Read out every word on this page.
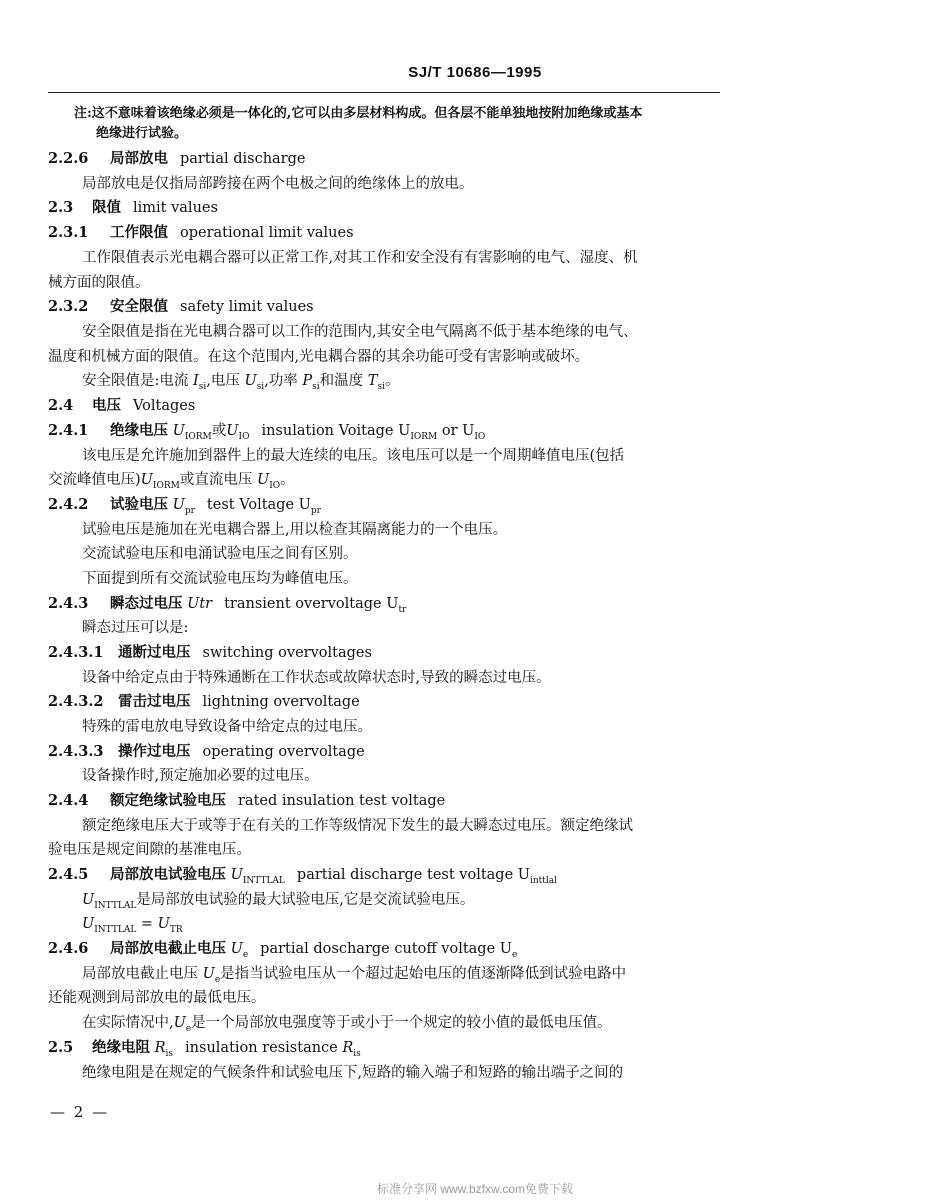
SJ/T 10686—1995
注:这不意味着该绝缘必须是一体化的,它可以由多层材料构成。但各层不能单独地按附加绝缘或基本
绝缘进行试验。
2.2.6 局部放电 partial discharge
局部放电是仅指局部跨接在两个电极之间的绝缘体上的放电。
2.3 限值 limit values
2.3.1 工作限值 operational limit values
工作限值表示光电耦合器可以正常工作,对其工作和安全没有有害影响的电气、湿度、机
械方面的限值。
2.3.2 安全限值 safety limit values
安全限值是指在光电耦合器可以工作的范围内,其安全电气隔离不低于基本绝缘的电气、
温度和机械方面的限值。在这个范围内,光电耦合器的其余功能可受有害影响或破坏。
安全限值是:电流 $I_{si}$,电压 $U_{si}$,功率 $P_{si}$和温度 $T_{si}$。
2.4 电压 Voltages
2.4.1 绝缘电压 $U_{IORM}$或$U_{IO}$ insulation Voitage $U_{IORM}$ or $U_{IO}$
该电压是允许施加到器件上的最大连续的电压。该电压可以是一个周期峰值电压(包括
交流峰值电压)$U_{IORM}$或直流电压 $U_{IO}$。
2.4.2 试验电压 $U_{pr}$ test Voltage $U_{pr}$
试验电压是施加在光电耦合器上,用以检查其隔离能力的一个电压。
交流试验电压和电涌试验电压之间有区别。
下面提到所有交流试验电压均为峰值电压。
2.4.3 瞬态过电压 Utr transient overvoltage $U_{tr}$
瞬态过压可以是:
2.4.3.1 通断过电压 switching overvoltages
设备中给定点由于特殊通断在工作状态或故障状态时,导致的瞬态过电压。
2.4.3.2 雷击过电压 lightning overvoltage
特殊的雷电放电导致设备中给定点的过电压。
2.4.3.3 操作过电压 operating overvoltage
设备操作时,预定施加必要的过电压。
2.4.4 额定绝缘试验电压 rated insulation test voltage
额定绝缘电压大于或等于在有关的工作等级情况下发生的最大瞬态过电压。额定绝缘试
验电压是规定间隙的基准电压。
2.4.5 局部放电试验电压 $U_{INTTLAL}$ partial discharge test voltage $U_{inttlal}$
$U_{INTTLAL}$是局部放电试验的最大试验电压,它是交流试验电压。
$U_{INTTLAL} = U_{TR}$
2.4.6 局部放电截止电压 $U_e$ partial doscharge cutoff voltage $U_e$
局部放电截止电压 $U_e$是指当试验电压从一个超过起始电压的值逐渐降低到试验电路中
还能观测到局部放电的最低电压。
在实际情况中$,U_e$是一个局部放电强度等于或小于一个规定的较小值的最低电压值。
2.5 绝缘电阻 $R_{is}$ insulation resistance $R_{is}$
绝缘电阻是在规定的气候条件和试验电压下,短路的输入端子和短路的输出端子之间的
— 2 —
标准分享网 www.bzfxw.com免费下载
